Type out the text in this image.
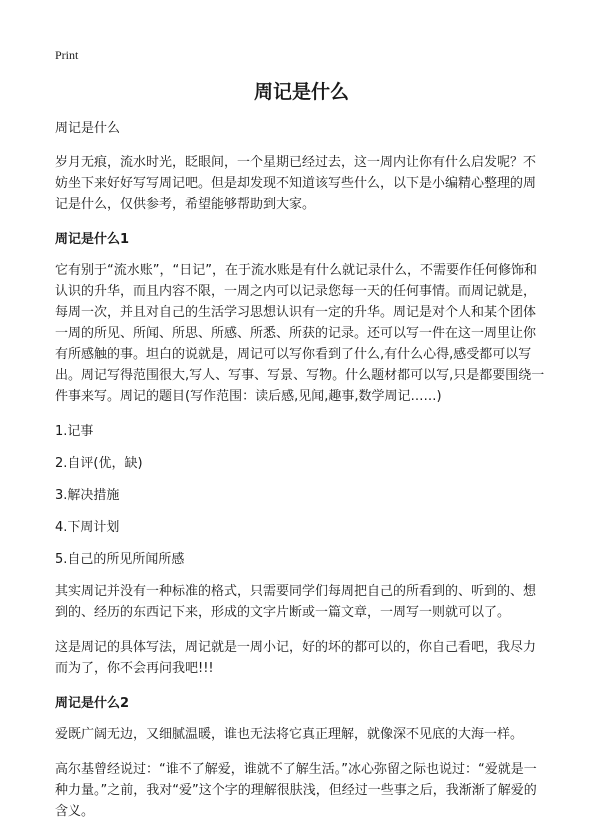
Print
周记是什么

周记是什么

岁月无痕，流水时光，眨眼间，一个星期已经过去，这一周内让你有什么启发呢？不妨坐下来好好写写周记吧。但是却发现不知道该写些什么，以下是小编精心整理的周记是什么，仅供参考，希望能够帮助到大家。

周记是什么1

它有别于“流水账”，“日记”，在于流水账是有什么就记录什么，不需要作任何修饰和认识的升华，而且内容不限，一周之内可以记录您每一天的任何事情。而周记就是，每周一次，并且对自己的生活学习思想认识有一定的升华。周记是对个人和某个团体一周的所见、所闻、所思、所感、所悉、所获的记录。还可以写一件在这一周里让你有所感触的事。坦白的说就是，周记可以写你看到了什么,有什么心得,感受都可以写出。周记写得范围很大,写人、写事、写景、写物。什么题材都可以写,只是都要围绕一件事来写。周记的题目(写作范围：读后感,见闻,趣事,数学周记……)

1.记事

2.自评(优，缺)

3.解决措施

4.下周计划

5.自己的所见所闻所感

其实周记并没有一种标准的格式，只需要同学们每周把自己的所看到的、听到的、想到的、经历的东西记下来，形成的文字片断或一篇文章，一周写一则就可以了。

这是周记的具体写法，周记就是一周小记，好的坏的都可以的，你自己看吧，我尽力而为了，你不会再问我吧!!!

周记是什么2

爱既广阔无边，又细腻温暖，谁也无法将它真正理解，就像深不见底的大海一样。

高尔基曾经说过：“谁不了解爱，谁就不了解生活。”冰心弥留之际也说过：“爱就是一种力量。”之前，我对“爱”这个字的理解很肤浅，但经过一些事之后，我渐渐了解爱的含义。
